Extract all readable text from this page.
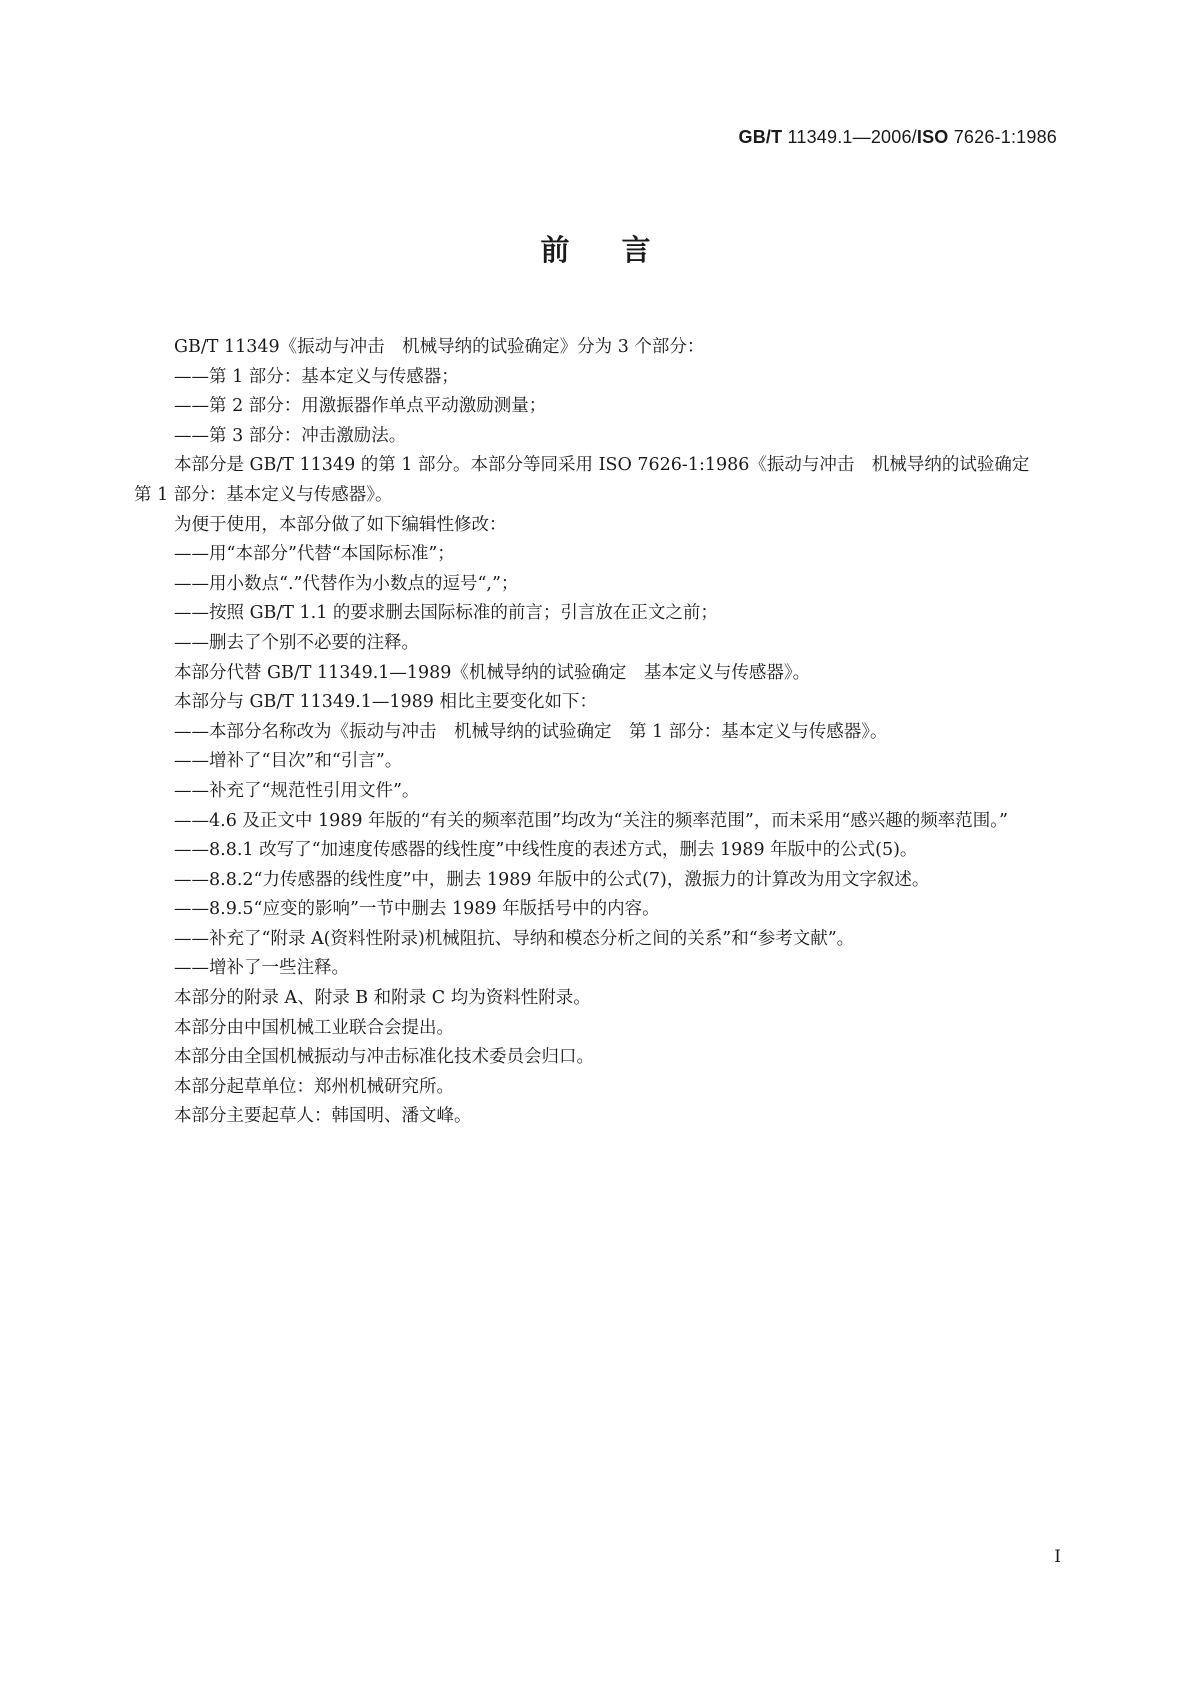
GB/T 11349.1—2006/ISO 7626-1:1986
前言

GB/T 11349《振动与冲击　机械导纳的试验确定》分为 3 个部分：

——第 1 部分：基本定义与传感器；

——第 2 部分：用激振器作单点平动激励测量；

——第 3 部分：冲击激励法。

本部分是 GB/T 11349 的第 1 部分。本部分等同采用 ISO 7626-1:1986《振动与冲击　机械导纳的试验确定　第 1 部分：基本定义与传感器》。

为便于使用，本部分做了如下编辑性修改：

——用“本部分”代替“本国际标准”；

——用小数点“.”代替作为小数点的逗号“,”；

——按照 GB/T 1.1 的要求删去国际标准的前言；引言放在正文之前；

——删去了个别不必要的注释。

本部分代替 GB/T 11349.1—1989《机械导纳的试验确定　基本定义与传感器》。

本部分与 GB/T 11349.1—1989 相比主要变化如下：

——本部分名称改为《振动与冲击　机械导纳的试验确定　第 1 部分：基本定义与传感器》。

——增补了“目次”和“引言”。

——补充了“规范性引用文件”。

——4.6 及正文中 1989 年版的“有关的频率范围”均改为“关注的频率范围”，而未采用“感兴趣的频率范围。”

——8.8.1 改写了“加速度传感器的线性度”中线性度的表述方式，删去 1989 年版中的公式(5)。

——8.8.2“力传感器的线性度”中，删去 1989 年版中的公式(7)，激振力的计算改为用文字叙述。

——8.9.5“应变的影响”一节中删去 1989 年版括号中的内容。

——补充了“附录 A(资料性附录)机械阻抗、导纳和模态分析之间的关系”和“参考文献”。

——增补了一些注释。

本部分的附录 A、附录 B 和附录 C 均为资料性附录。

本部分由中国机械工业联合会提出。

本部分由全国机械振动与冲击标准化技术委员会归口。

本部分起草单位：郑州机械研究所。

本部分主要起草人：韩国明、潘文峰。

I
